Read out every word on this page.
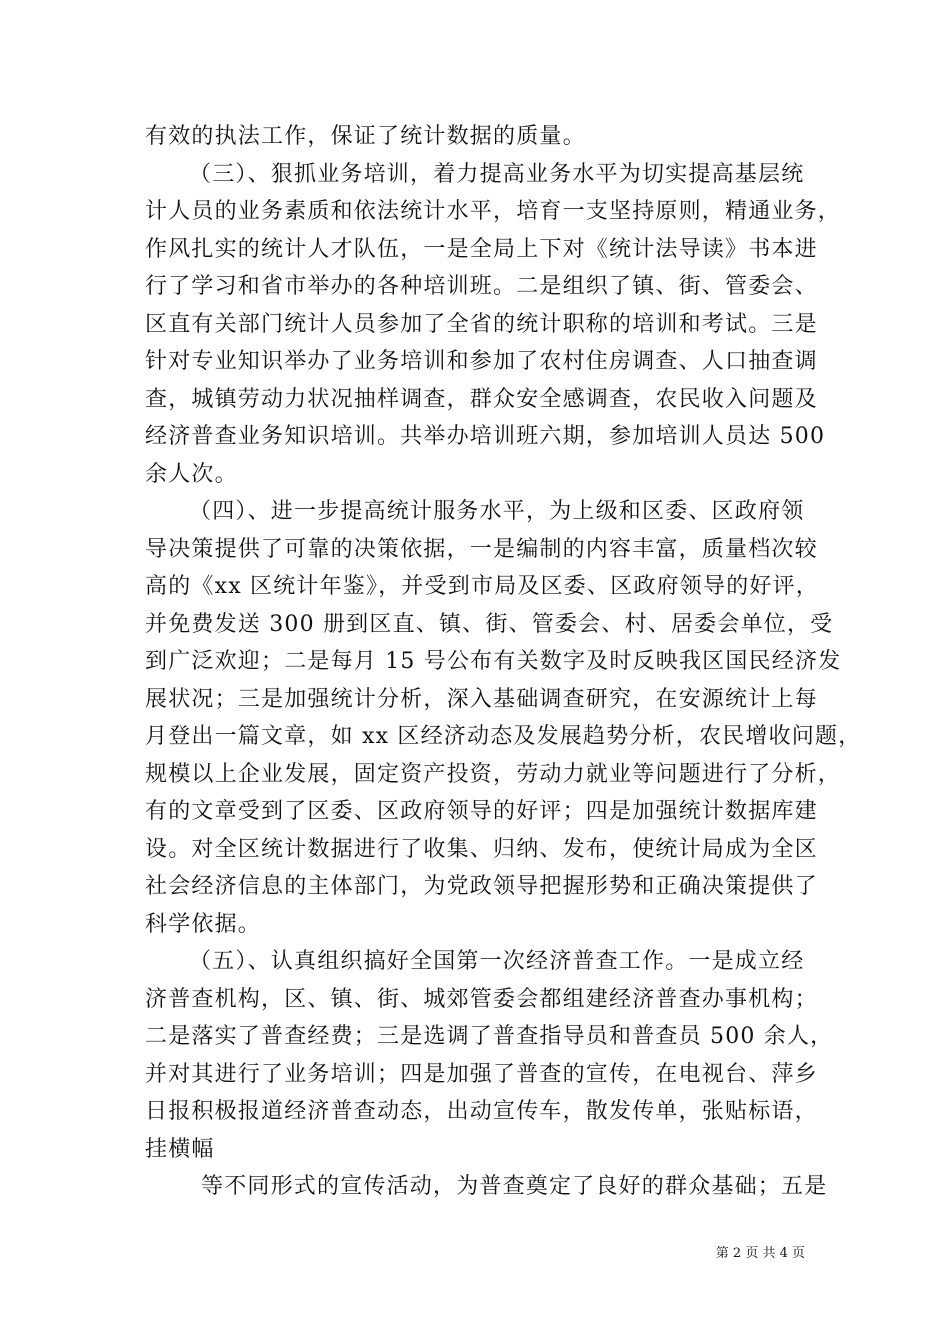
有效的执法工作，保证了统计数据的质量。
（三）、狠抓业务培训，着力提高业务水平为切实提高基层统
计人员的业务素质和依法统计水平，培育一支坚持原则，精通业务，
作风扎实的统计人才队伍，一是全局上下对《统计法导读》书本进
行了学习和省市举办的各种培训班。二是组织了镇、街、管委会、
区直有关部门统计人员参加了全省的统计职称的培训和考试。三是
针对专业知识举办了业务培训和参加了农村住房调查、人口抽查调
查，城镇劳动力状况抽样调查，群众安全感调查，农民收入问题及
经济普查业务知识培训。共举办培训班六期，参加培训人员达 500
余人次。
（四）、进一步提高统计服务水平，为上级和区委、区政府领
导决策提供了可靠的决策依据，一是编制的内容丰富，质量档次较
高的《xx 区统计年鉴》，并受到市局及区委、区政府领导的好评，
并免费发送 300 册到区直、镇、街、管委会、村、居委会单位，受
到广泛欢迎；二是每月 15 号公布有关数字及时反映我区国民经济发
展状况；三是加强统计分析，深入基础调查研究，在安源统计上每
月登出一篇文章，如 xx 区经济动态及发展趋势分析，农民增收问题，
规模以上企业发展，固定资产投资，劳动力就业等问题进行了分析，
有的文章受到了区委、区政府领导的好评；四是加强统计数据库建
设。对全区统计数据进行了收集、归纳、发布，使统计局成为全区
社会经济信息的主体部门，为党政领导把握形势和正确决策提供了
科学依据。
（五）、认真组织搞好全国第一次经济普查工作。一是成立经
济普查机构，区、镇、街、城郊管委会都组建经济普查办事机构；
二是落实了普查经费；三是选调了普查指导员和普查员 500 余人，
并对其进行了业务培训；四是加强了普查的宣传，在电视台、萍乡
日报积极报道经济普查动态，出动宣传车，散发传单，张贴标语，
挂横幅
等不同形式的宣传活动，为普查奠定了良好的群众基础；五是
第 2 页 共 4 页
